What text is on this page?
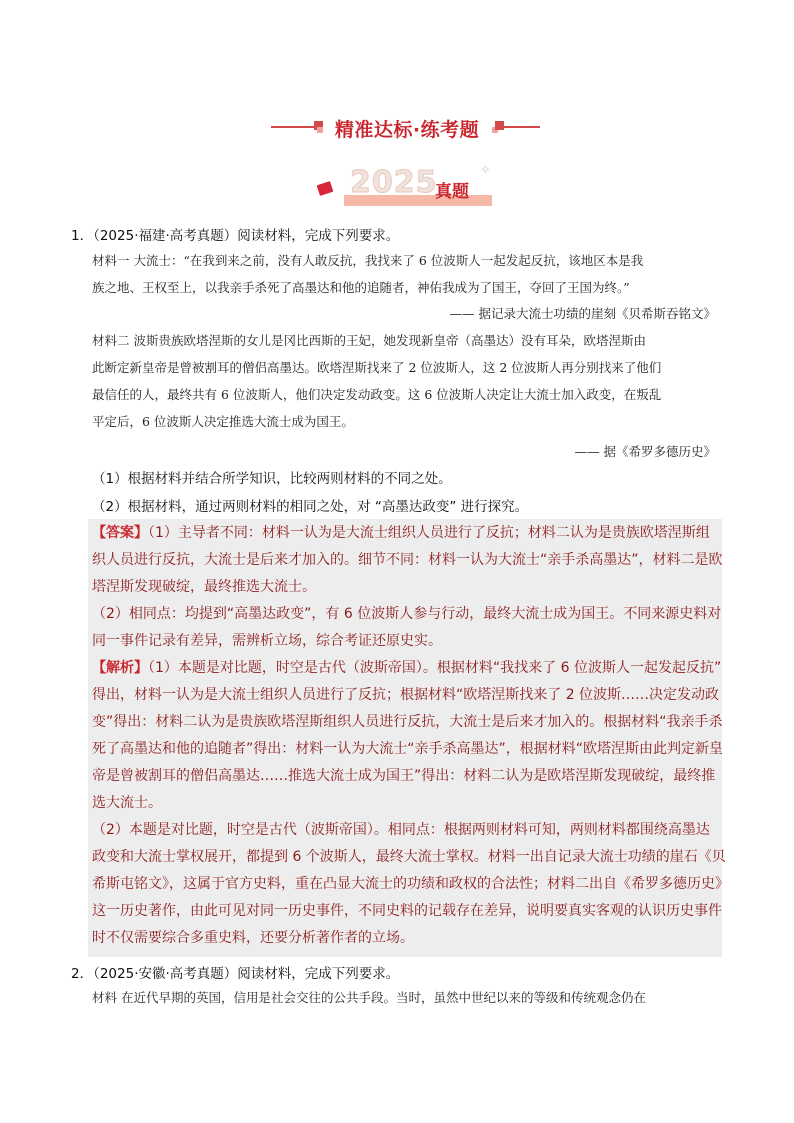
精准达标·练考题
2025
真题
✧
1．（2025·福建·高考真题）阅读材料，完成下列要求。
材料一 大流士：“在我到来之前，没有人敢反抗，我找来了 6 位波斯人一起发起反抗，该地区本是我
族之地、王权至上，以我亲手杀死了高墨达和他的追随者，神佑我成为了国王，夺回了王国为终。”
—— 据记录大流士功绩的崖刻《贝希斯吞铭文》
材料二 波斯贵族欧塔涅斯的女儿是冈比西斯的王妃，她发现新皇帝（高墨达）没有耳朵，欧塔涅斯由
此断定新皇帝是曾被割耳的僧侣高墨达。欧塔涅斯找来了 2 位波斯人，这 2 位波斯人再分别找来了他们
最信任的人，最终共有 6 位波斯人，他们决定发动政变。这 6 位波斯人决定让大流士加入政变，在叛乱
平定后，6 位波斯人决定推选大流士成为国王。
—— 据《希罗多德历史》
（1）根据材料并结合所学知识，比较两则材料的不同之处。
（2）根据材料，通过两则材料的相同之处，对 “高墨达政变” 进行探究。
【答案】（1）主导者不同：材料一认为是大流士组织人员进行了反抗；材料二认为是贵族欧塔涅斯组
织人员进行反抗，大流士是后来才加入的。细节不同：材料一认为大流士“亲手杀高墨达”，材料二是欧
塔涅斯发现破绽，最终推选大流士。
（2）相同点：均提到“高墨达政变”，有 6 位波斯人参与行动，最终大流士成为国王。不同来源史料对
同一事件记录有差异，需辨析立场，综合考证还原史实。
【解析】（1）本题是对比题，时空是古代（波斯帝国）。根据材料“我找来了 6 位波斯人一起发起反抗”
得出，材料一认为是大流士组织人员进行了反抗；根据材料“欧塔涅斯找来了 2 位波斯……决定发动政
变”得出：材料二认为是贵族欧塔涅斯组织人员进行反抗，大流士是后来才加入的。根据材料“我亲手杀
死了高墨达和他的追随者”得出：材料一认为大流士“亲手杀高墨达”，根据材料“欧塔涅斯由此判定新皇
帝是曾被割耳的僧侣高墨达……推选大流士成为国王”得出：材料二认为是欧塔涅斯发现破绽，最终推
选大流士。
（2）本题是对比题，时空是古代（波斯帝国）。相同点：根据两则材料可知，两则材料都围绕高墨达
政变和大流士掌权展开，都提到 6 个波斯人，最终大流士掌权。材料一出自记录大流士功绩的崖石《贝
希斯屯铭文》，这属于官方史料，重在凸显大流士的功绩和政权的合法性；材料二出自《希罗多德历史》
这一历史著作，由此可见对同一历史事件，不同史料的记载存在差异，说明要真实客观的认识历史事件
时不仅需要综合多重史料，还要分析著作者的立场。
2．（2025·安徽·高考真题）阅读材料，完成下列要求。
材料 在近代早期的英国，信用是社会交往的公共手段。当时，虽然中世纪以来的等级和传统观念仍在
